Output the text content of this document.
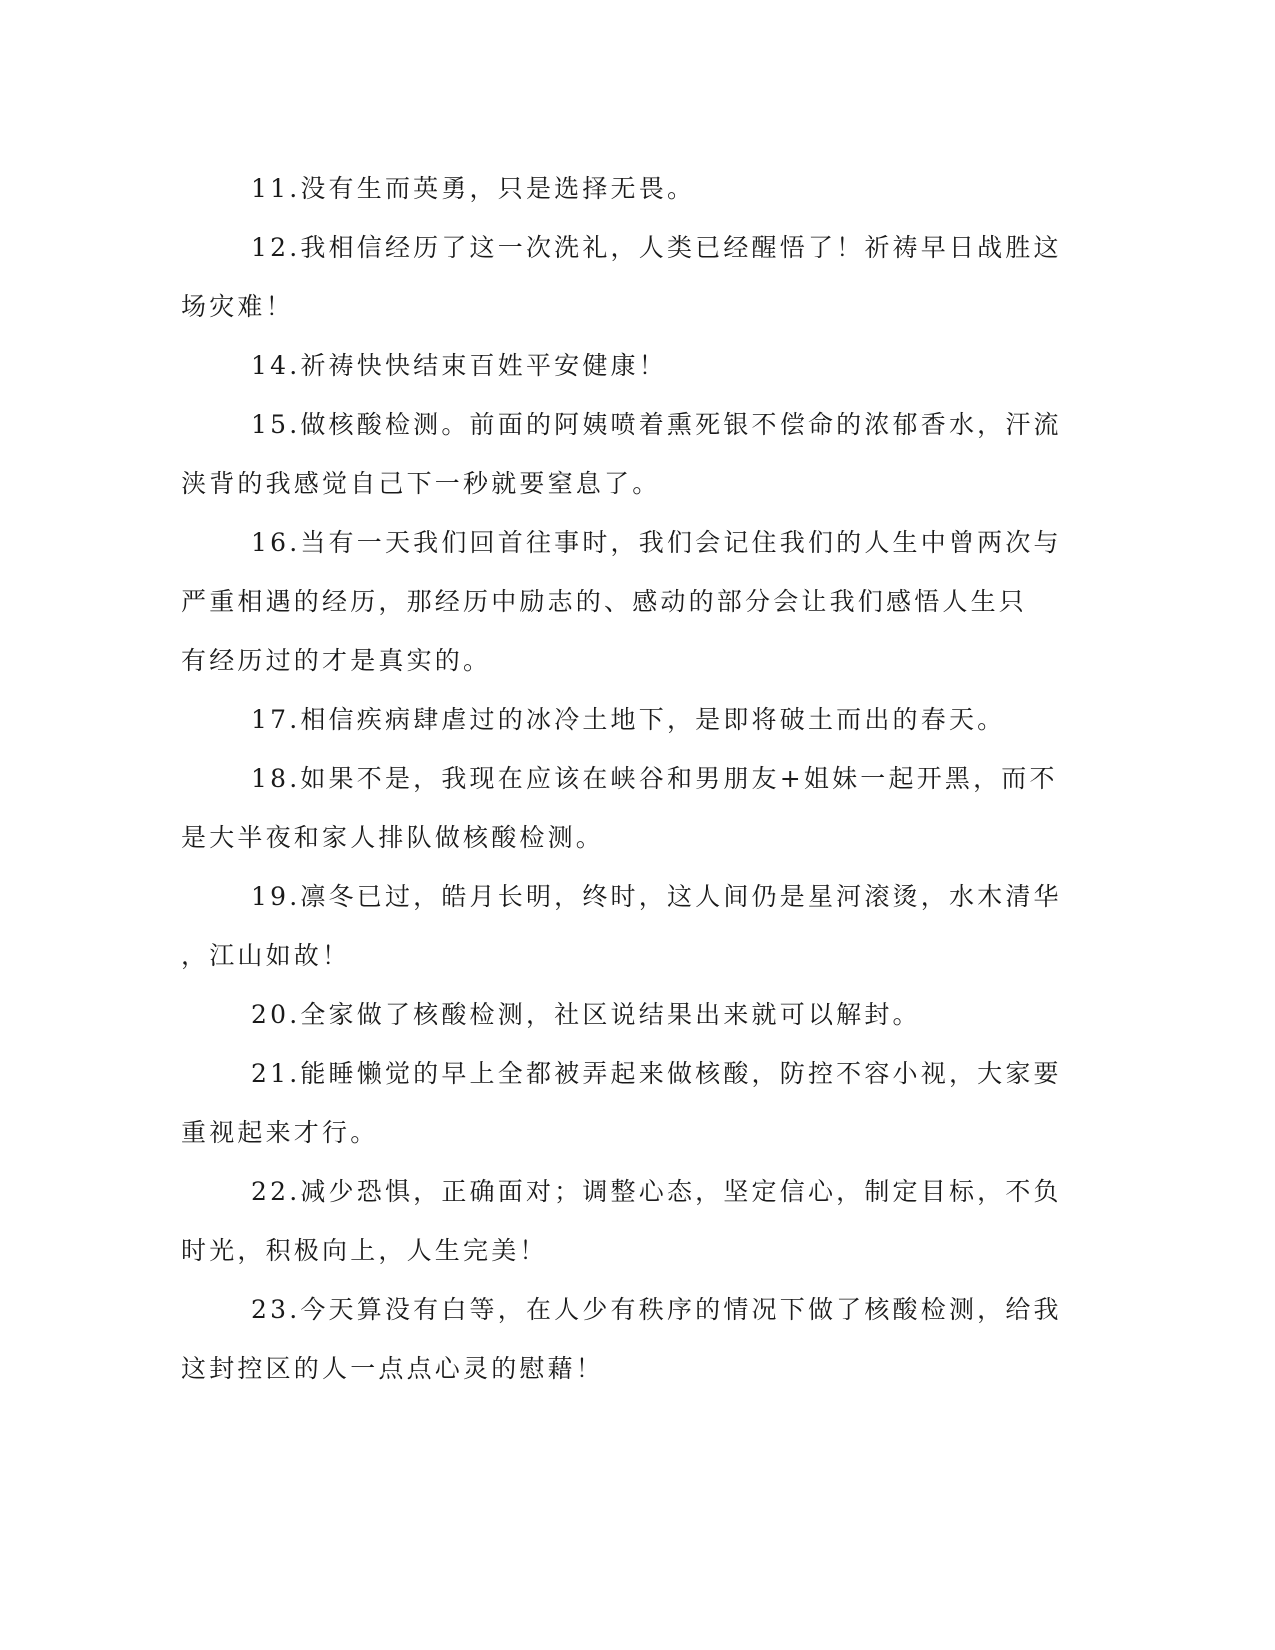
11.没有生而英勇，只是选择无畏。

12.我相信经历了这一次洗礼，人类已经醒悟了！祈祷早日战胜这
场灾难！

14.祈祷快快结束百姓平安健康！

15.做核酸检测。前面的阿姨喷着熏死银不偿命的浓郁香水，汗流
浃背的我感觉自己下一秒就要窒息了。

16.当有一天我们回首往事时，我们会记住我们的人生中曾两次与
严重相遇的经历，那经历中励志的、感动的部分会让我们感悟人生只
有经历过的才是真实的。

17.相信疾病肆虐过的冰冷土地下，是即将破土而出的春天。

18.如果不是，我现在应该在峡谷和男朋友+姐妹一起开黑，而不
是大半夜和家人排队做核酸检测。

19.凛冬已过，皓月长明，终时，这人间仍是星河滚烫，水木清华
，江山如故！

20.全家做了核酸检测，社区说结果出来就可以解封。

21.能睡懒觉的早上全都被弄起来做核酸，防控不容小视，大家要
重视起来才行。

22.减少恐惧，正确面对；调整心态，坚定信心，制定目标，不负
时光，积极向上，人生完美！

23.今天算没有白等，在人少有秩序的情况下做了核酸检测，给我
这封控区的人一点点心灵的慰藉！
